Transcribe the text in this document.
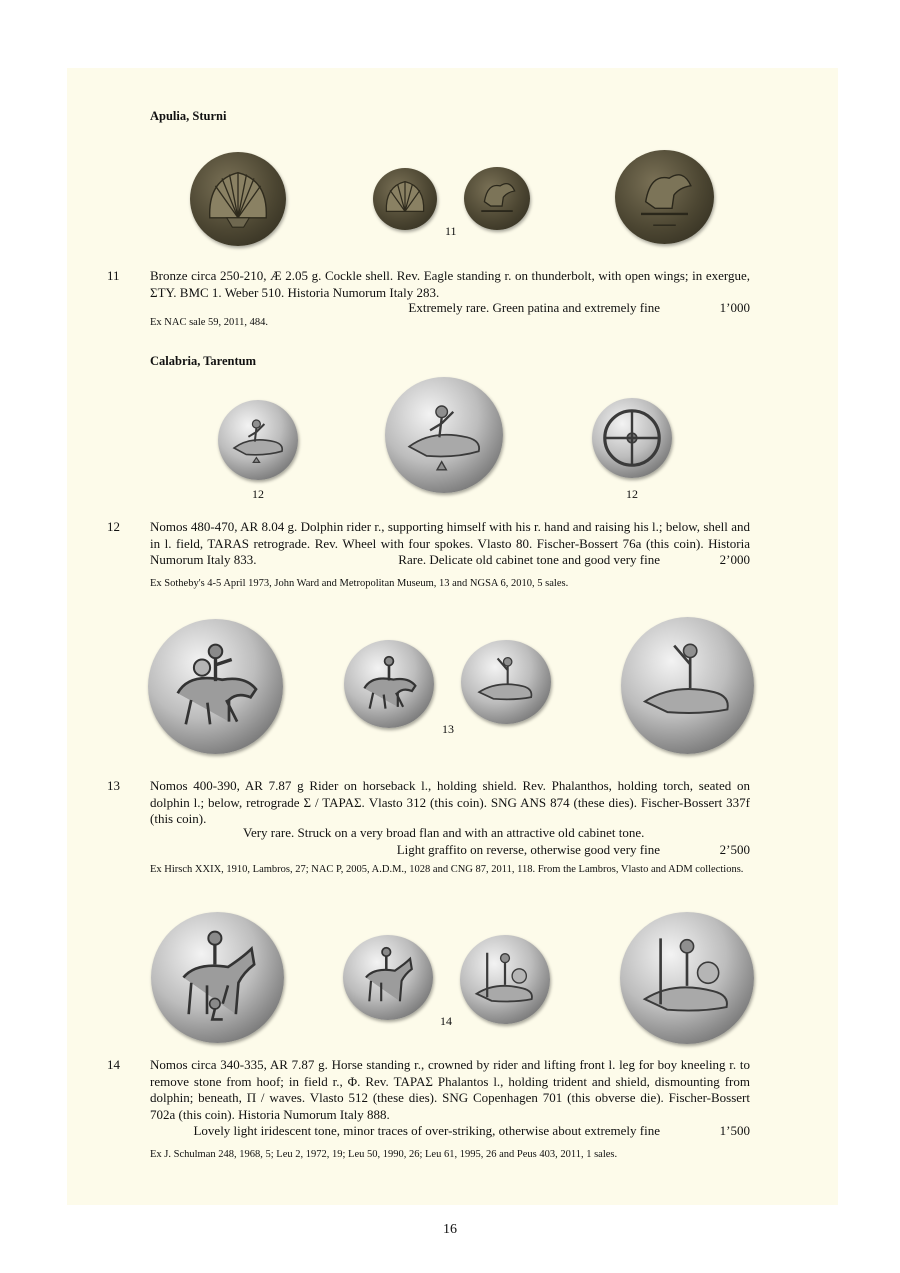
Apulia, Sturni
11
11 Bronze circa 250-210, Æ 2.05 g. Cockle shell. Rev. Eagle standing r. on thunderbolt, with open wings; in exergue, ΣΤΥ. BMC 1. Weber 510. Historia Numorum Italy 283.
Extremely rare. Green patina and extremely fine	1’000
Ex NAC sale 59, 2011, 484.
Calabria, Tarentum
12	12
12 Nomos 480-470, AR 8.04 g. Dolphin rider r., supporting himself with his r. hand and raising his l.; below, shell and in l. field, TARAS retrograde. Rev. Wheel with four spokes. Vlasto 80. Fischer-Bossert 76a (this coin). Historia Numorum Italy 833.	Rare. Delicate old cabinet tone and good very fine	2’000
Ex Sotheby's 4-5 April 1973, John Ward and Metropolitan Museum, 13 and NGSA 6, 2010, 5 sales.
13
13 Nomos 400-390, AR 7.87 g Rider on horseback l., holding shield. Rev. Phalanthos, holding torch, seated on dolphin l.; below, retrograde Σ / ΤΑΡΑΣ. Vlasto 312 (this coin). SNG ANS 874 (these dies). Fischer-Bossert 337f (this coin).
Very rare. Struck on a very broad flan and with an attractive old cabinet tone.
Light graffito on reverse, otherwise good very fine	2’500
Ex Hirsch XXIX, 1910, Lambros, 27; NAC P, 2005, A.D.M., 1028 and CNG 87, 2011, 118. From the Lambros, Vlasto and ADM collections.
14
14 Nomos circa 340-335, AR 7.87 g. Horse standing r., crowned by rider and lifting front l. leg for boy kneeling r. to remove stone from hoof; in field r., Φ. Rev. ΤΑΡΑΣ Phalantos l., holding trident and shield, dismounting from dolphin; beneath, Π / waves. Vlasto 512 (these dies). SNG Copenhagen 701 (this obverse die). Fischer-Bossert 702a (this coin). Historia Numorum Italy 888.
Lovely light iridescent tone, minor traces of over-striking, otherwise about extremely fine	1’500
Ex J. Schulman 248, 1968, 5; Leu 2, 1972, 19; Leu 50, 1990, 26; Leu 61, 1995, 26 and Peus 403, 2011, 1 sales.
16
